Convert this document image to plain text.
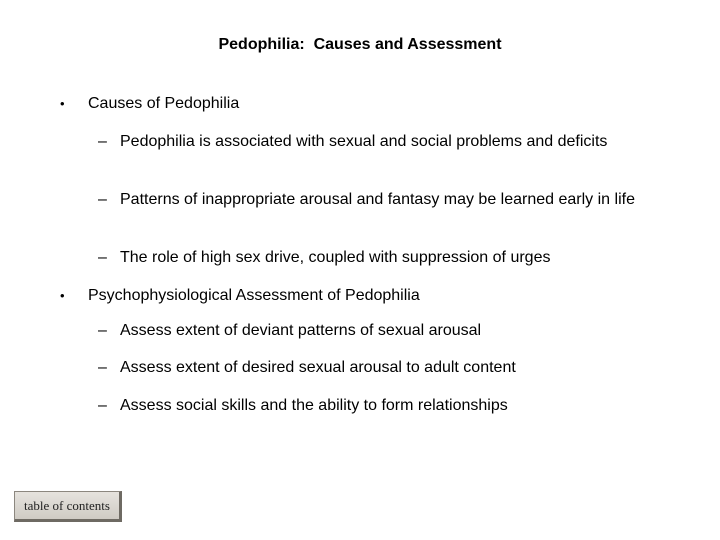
Pedophilia:  Causes and Assessment
•	Causes of Pedophilia
– Pedophilia is associated with sexual and social problems and deficits
– Patterns of inappropriate arousal and fantasy may be learned early in life
– The role of high sex drive, coupled with suppression of urges
•	Psychophysiological Assessment of Pedophilia
– Assess extent of deviant patterns of sexual arousal
– Assess extent of desired sexual arousal to adult content
– Assess social skills and the ability to form relationships
table of contents
